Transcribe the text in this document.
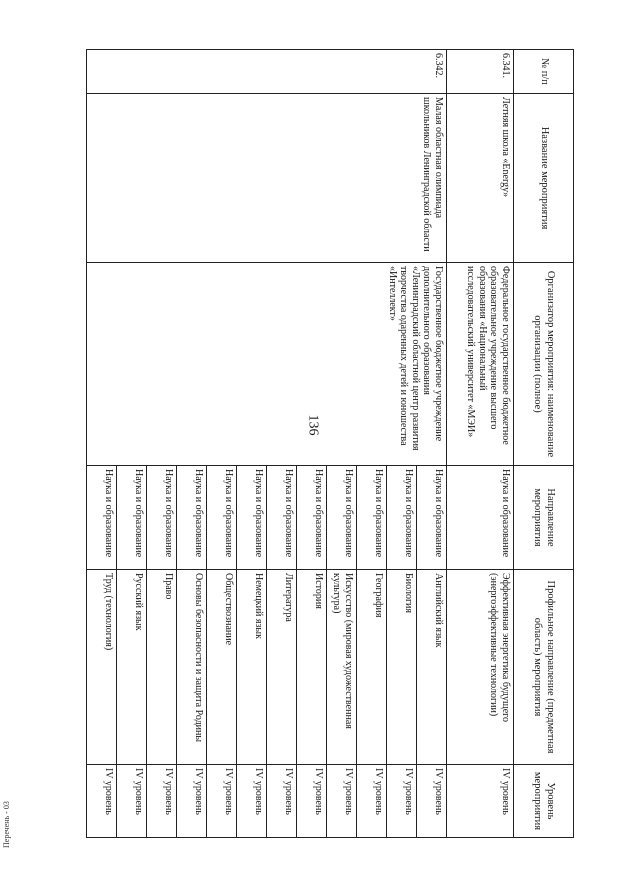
136
№ п/п	Название мероприятия	Организатор мероприятия: наименование организации (полное)	Направление мероприятия	Профильное направление (предметная область) мероприятия	Уровень мероприятия
6.341.	Летняя школа «Energy»	Федеральное государственное бюджетное образовательное учреждение высшего образования «Национальный исследовательский университет «МЭИ»	Наука и образование	Эффективная энергетика будущего (энергоэффективные технологии)	IV уровень
6.342.	Малая областная олимпиада школьников Ленинградской области	Государственное бюджетное учреждение дополнительного образования «Ленинградский областной центр развития творчества одаренных детей и юношества «Интеллект»	Наука и образование	Английский язык	IV уровень
			Наука и образование	Биология	IV уровень
			Наука и образование	География	IV уровень
			Наука и образование	Искусство (мировая художественная культура)	IV уровень
			Наука и образование	История	IV уровень
			Наука и образование	Литература	IV уровень
			Наука и образование	Немецкий язык	IV уровень
			Наука и образование	Обществознание	IV уровень
			Наука и образование	Основы безопасности и защита Родины	IV уровень
			Наука и образование	Право	IV уровень
			Наука и образование	Русский язык	IV уровень
			Наука и образование	Труд (технология)	IV уровень
Перечень - 03
